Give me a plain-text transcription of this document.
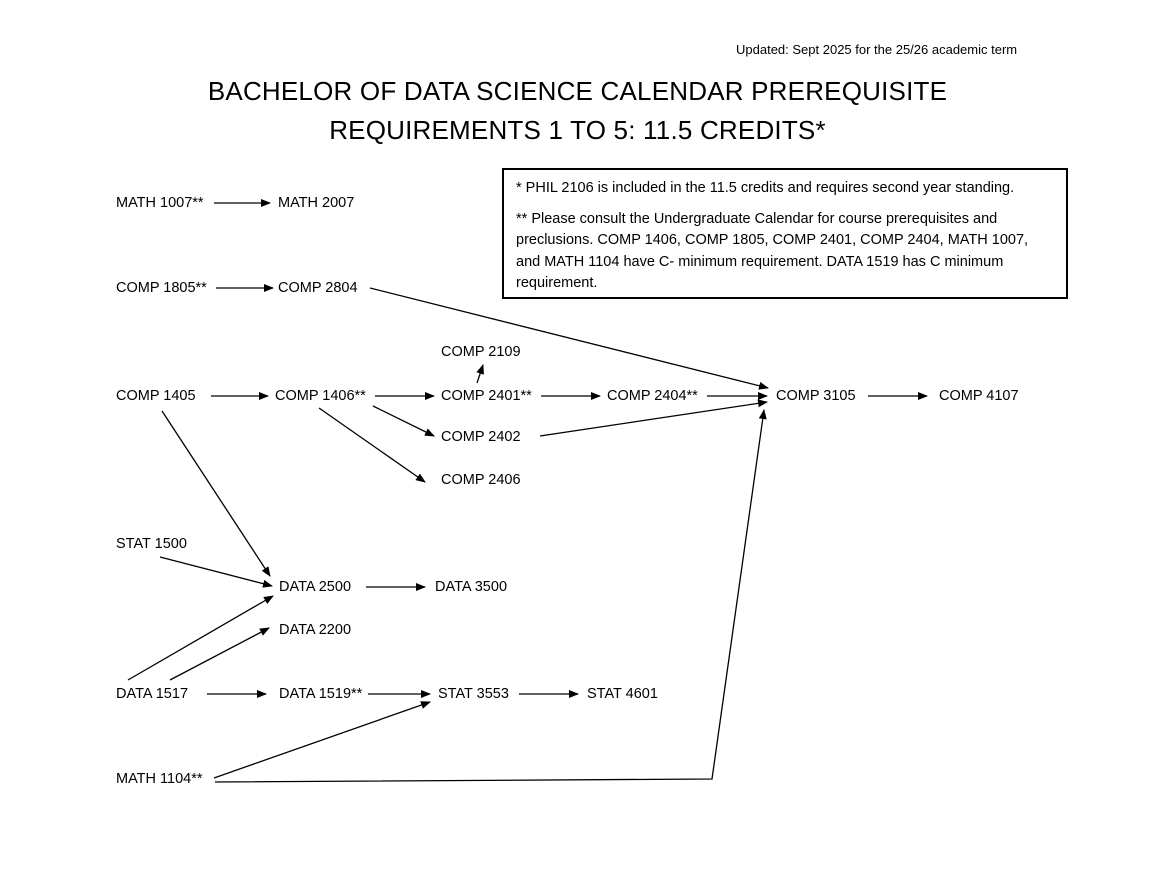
Updated: Sept 2025 for the 25/26 academic term
BACHELOR OF DATA SCIENCE CALENDAR PREREQUISITE
REQUIREMENTS 1 TO 5: 11.5 CREDITS*

* PHIL 2106 is included in the 11.5 credits and requires second year standing.

** Please consult the Undergraduate Calendar for course prerequisites and preclusions. COMP 1406, COMP 1805, COMP 2401, COMP 2404, MATH 1007, and MATH 1104 have C- minimum requirement. DATA 1519 has C minimum requirement.

MATH 1007**	MATH 2007
COMP 1805**	COMP 2804
COMP 2109
COMP 1405	COMP 1406**	COMP 2401**	COMP 2404**	COMP 3105	COMP 4107
COMP 2402
COMP 2406
STAT 1500
DATA 2500	DATA 3500
DATA 2200
DATA 1517	DATA 1519**	STAT 3553	STAT 4601
MATH 1104**
